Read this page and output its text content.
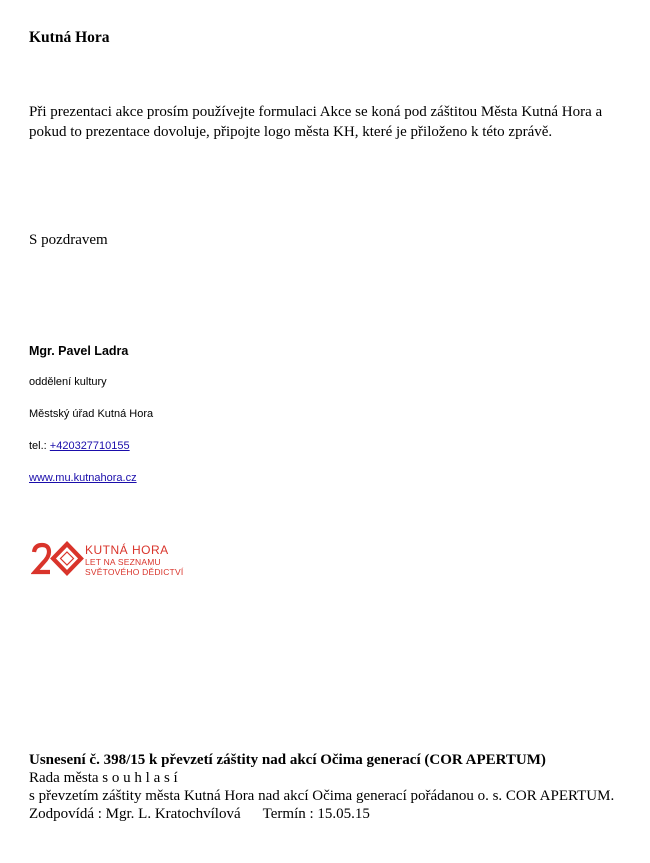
Kutná Hora
Při prezentaci akce prosím používejte formulaci Akce se koná pod záštitou Města Kutná Hora a pokud to prezentace dovoluje, připojte logo města KH, které je přiloženo k této zprávě.
S pozdravem
Mgr. Pavel Ladra
oddělení kultury
Městský úřad Kutná Hora
tel.: +420327710155
www.mu.kutnahora.cz
KUTNÁ HORA
LET NA SEZNAMU
SVĚTOVÉHO DĚDICTVÍ
Usnesení č. 398/15 k převzetí záštity nad akcí Očima generací (COR APERTUM)
Rada města s o u h l a s í
s převzetím záštity města Kutná Hora nad akcí Očima generací pořádanou o. s. COR APERTUM.
Zodpovídá : Mgr. L. Kratochvílová Termín : 15.05.15
